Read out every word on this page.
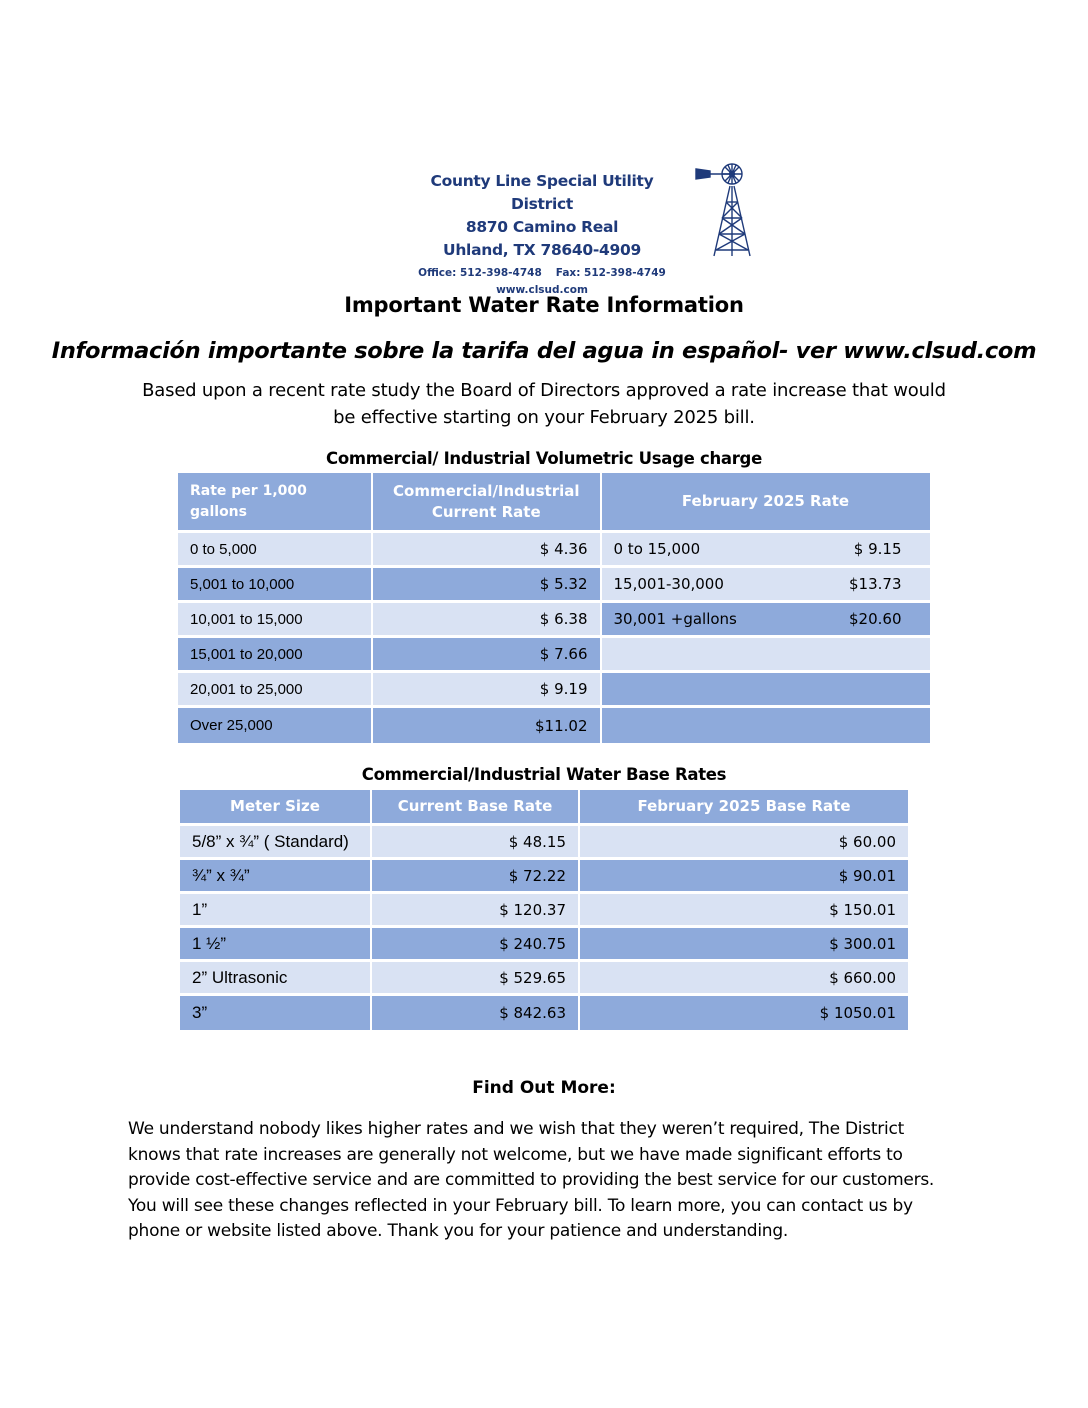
County Line Special Utility District
8870 Camino Real
Uhland, TX 78640-4909
Office: 512-398-4748 Fax: 512-398-4749
www.clsud.com
Important Water Rate Information
Información importante sobre la tarifa del agua in español- ver www.clsud.com
Based upon a recent rate study the Board of Directors approved a rate increase that would be effective starting on your February 2025 bill.
Commercial/ Industrial Volumetric Usage charge
Rate per 1,000 gallons	Commercial/Industrial Current Rate	February 2025 Rate
0 to 5,000	$ 4.36	0 to 15,000 $ 9.15

5,001 to 10,000	$ 5.32	15,001-30,000 $13.73

10,001 to 15,000	$ 6.38	30,001 +gallons $20.60

15,001 to 20,000	$ 7.66	
20,001 to 25,000	$ 9.19	
Over 25,000	$11.02	
Commercial/Industrial Water Base Rates
Meter Size	Current Base Rate	February 2025 Base Rate
5/8” x ¾” ( Standard)	$ 48.15	$ 60.00
¾” x ¾”	$ 72.22	$ 90.01
1”	$ 120.37	$ 150.01
1 ½”	$ 240.75	$ 300.01
2” Ultrasonic	$ 529.65	$ 660.00
3”	$ 842.63	$ 1050.01
Find Out More:
We understand nobody likes higher rates and we wish that they weren’t required, The District knows that rate increases are generally not welcome, but we have made significant efforts to provide cost-effective service and are committed to providing the best service for our customers. You will see these changes reflected in your February bill. To learn more, you can contact us by phone or website listed above. Thank you for your patience and understanding.
